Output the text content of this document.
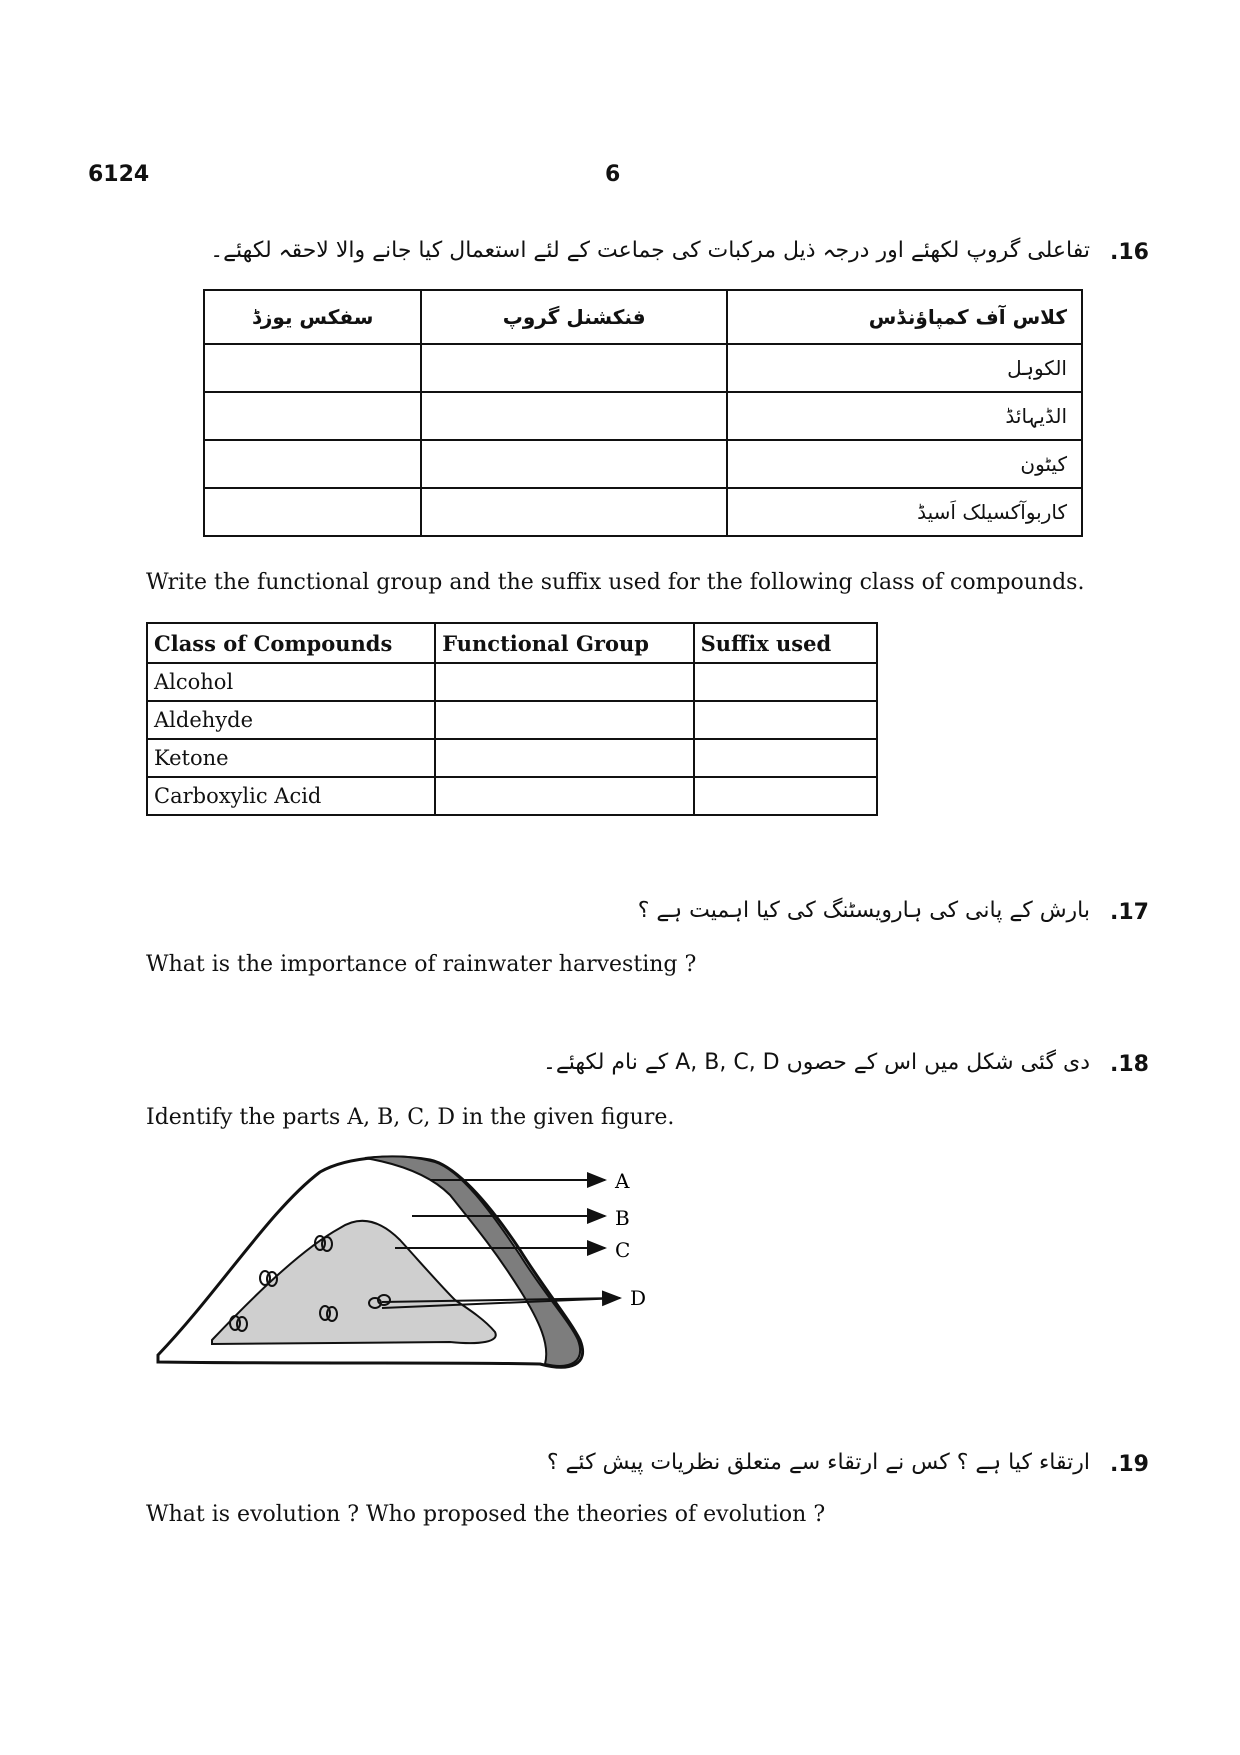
6124	6
.16
تفاعلی گروپ لکھئے اور درجہ ذیل مرکبات کی جماعت کے لئے استعمال کیا جانے والا لاحقہ لکھئے۔
سفکس یوزڈ	فنکشنل گروپ	کلاس آف کمپاؤنڈس
		الکوہل
		الڈیہائڈ
		کیٹون
		کاربوآکسیلک اَسیڈ
Write the functional group and the suffix used for the following class of compounds.
Class of Compounds	Functional Group	Suffix used
Alcohol		
Aldehyde		
Ketone		
Carboxylic Acid		
.17
بارش کے پانی کی ہارویسٹنگ کی کیا اہمیت ہے ؟
What is the importance of rainwater harvesting ?
.18
دی گئی شکل میں اس کے حصوں A, B, C, D کے نام لکھئے۔
Identify the parts A, B, C, D in the given figure.
A
B
C
D
.19
ارتقاء کیا ہے ؟ کس نے ارتقاء سے متعلق نظریات پیش کئے ؟
What is evolution ? Who proposed the theories of evolution ?
